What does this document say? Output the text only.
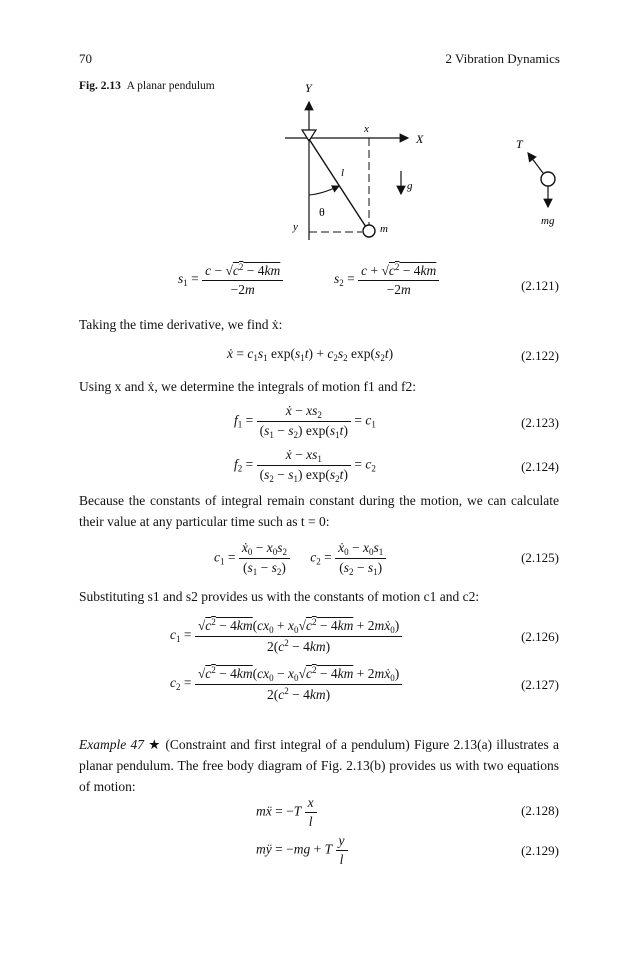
70	2 Vibration Dynamics
Fig. 2.13 A planar pendulum	Y
X
x
y
l
m
θ
g
T
mg
$s_1 = \frac{c - √c^2 - 4km}{-2m}$	$s_2 = \frac{c + √c^2 - 4km}{-2m}$	(2.121)
Taking the time derivative, we find ẋ:
ẋ = $c_1s_1$ $\exp(s_1t) + c_2s_2$ $\exp(s_2t)$	(2.122)
Using x and ẋ, we determine the integrals of motion f1 and f2:
$f_1 = \frac{ẋ - xs_2}{(s_1 - s_2) \exp(s_1t)} = c_1$	(2.123)
$f_2 = \frac{ẋ - xs_1}{(s_2 - s_1) \exp(s_2t)} = c_2$	(2.124)
Because the constants of integral remain constant during the motion, we can calculate their value at any particular time such as t = 0:
$c_1 = \frac{ẋ_0 - x_0s_2}{(s_1 - s_2)} c_2 = \frac{ẋ_0 - x_0s_1}{(s_2 - s_1)}$	(2.125)
Substituting s1 and s2 provides us with the constants of motion c1 and c2:
$c_1 = \frac{√c^2 - 4km(cx_0 + x_0√c^2 - 4km + 2mẋ_0)}{2(c^2 - 4km)}$	(2.126)
$c_2 = \frac{√c^2 - 4km(cx_0 - x_0√c^2 - 4km + 2mẋ_0)}{2(c^2 - 4km)}$	(2.127)
Example 47 ★ (Constraint and first integral of a pendulum) Figure 2.13(a) illustrates a planar pendulum. The free body diagram of Fig. 2.13(b) provides us with two equations of motion:
mẍ = $-T \frac{x}{l}$	(2.128)
mÿ = −mg + T $\frac{y}{l}$	(2.129)
